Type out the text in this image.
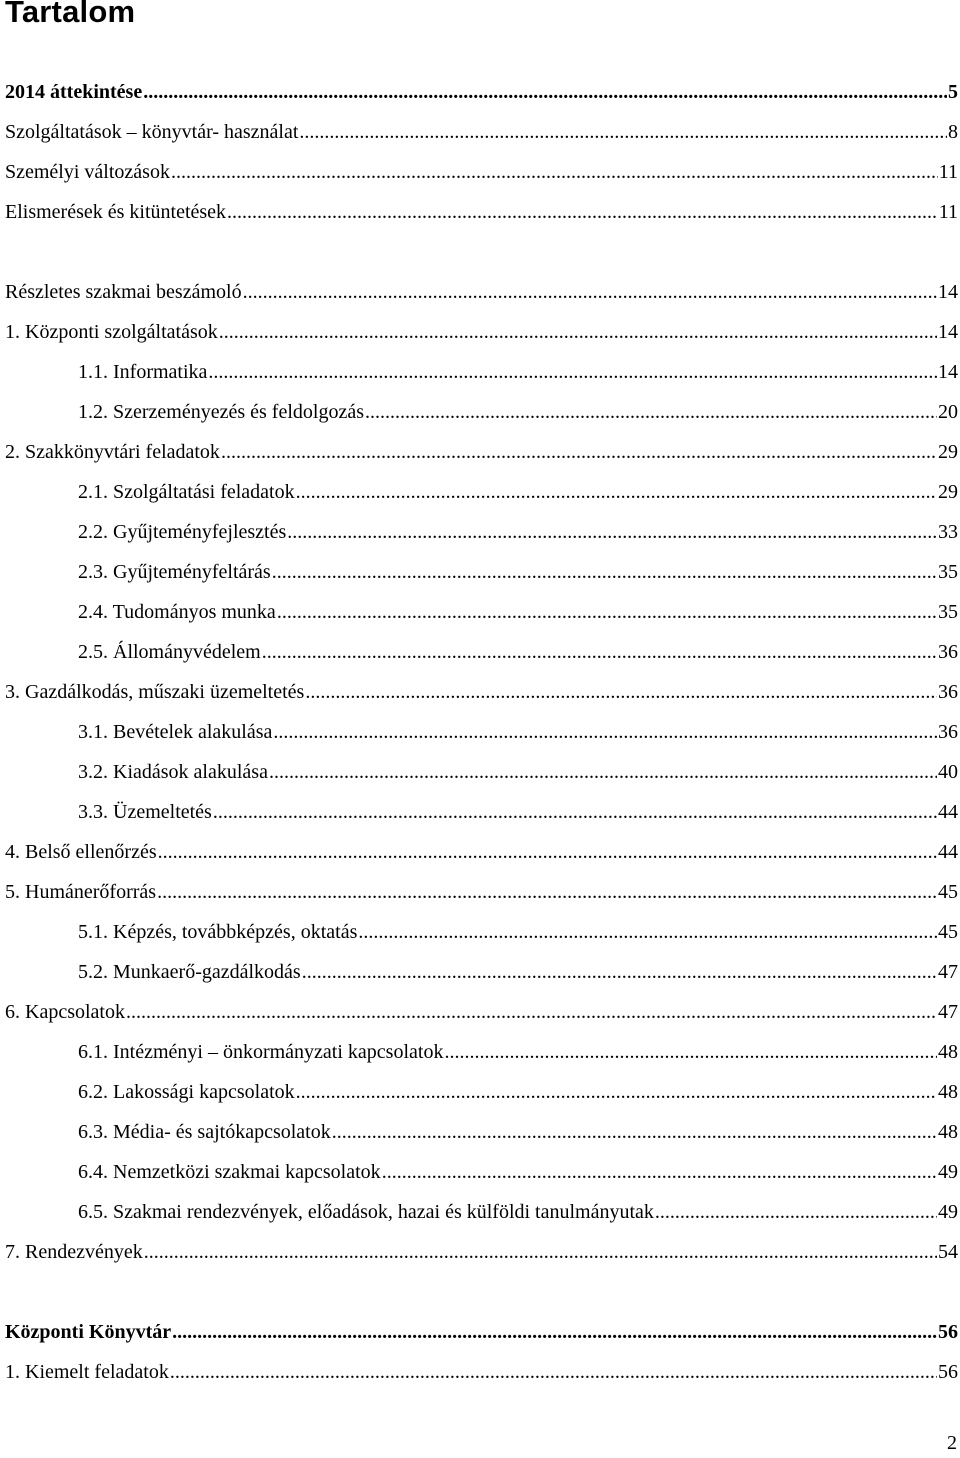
Tartalom
2014 áttekintése .....	5
Szolgáltatások – könyvtár- használat .....	8
Személyi változások .....	11
Elismerések és kitüntetések .....	11
Részletes szakmai beszámoló .....	14
1. Központi szolgáltatások .....	14
1.1. Informatika .....	14
1.2. Szerzeményezés és feldolgozás .....	20
2. Szakkönyvtári feladatok .....	29
2.1. Szolgáltatási feladatok .....	29
2.2. Gyűjteményfejlesztés .....	33
2.3. Gyűjteményfeltárás .....	35
2.4. Tudományos munka .....	35
2.5. Állományvédelem .....	36
3. Gazdálkodás, műszaki üzemeltetés .....	36
3.1. Bevételek alakulása .....	36
3.2. Kiadások alakulása .....	40
3.3. Üzemeltetés .....	44
4. Belső ellenőrzés .....	44
5. Humánerőforrás .....	45
5.1. Képzés, továbbképzés, oktatás .....	45
5.2. Munkaerő-gazdálkodás .....	47
6. Kapcsolatok .....	47
6.1. Intézményi – önkormányzati kapcsolatok .....	48
6.2. Lakossági kapcsolatok .....	48
6.3. Média- és sajtókapcsolatok .....	48
6.4. Nemzetközi szakmai kapcsolatok .....	49
6.5. Szakmai rendezvények, előadások, hazai és külföldi tanulmányutak .....	49
7. Rendezvények .....	54
Központi Könyvtár .....	56
1. Kiemelt feladatok .....	56
2
